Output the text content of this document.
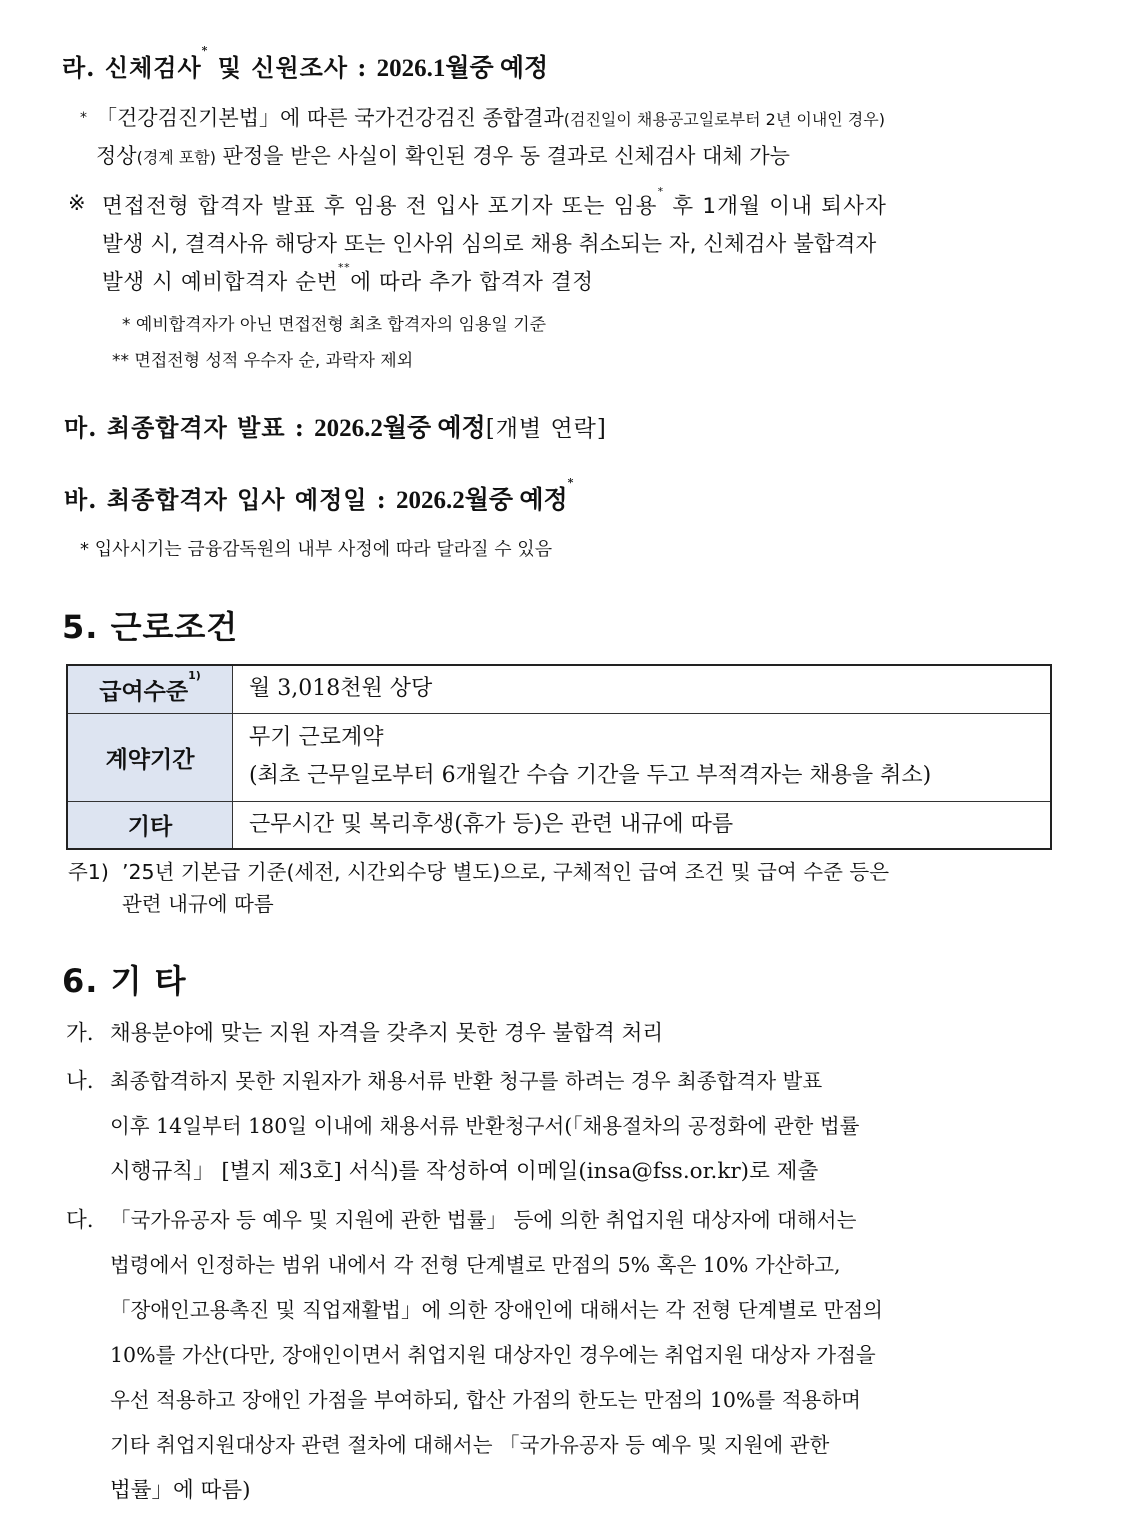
라. 신체검사* 및 신원조사 : 2026.1월중 예정
* 「건강검진기본법」에 따른 국가건강검진 종합결과(검진일이 채용공고일로부터 2년 이내인 경우)
정상(경계 포함) 판정을 받은 사실이 확인된 경우 동 결과로 신체검사 대체 가능
※ 면접전형 합격자 발표 후 임용 전 입사 포기자 또는 임용* 후 1개월 이내 퇴사자
발생 시, 결격사유 해당자 또는 인사위 심의로 채용 취소되는 자, 신체검사 불합격자
발생 시 예비합격자 순번**에 따라 추가 합격자 결정
* 예비합격자가 아닌 면접전형 최초 합격자의 임용일 기준
** 면접전형 성적 우수자 순, 과락자 제외
마. 최종합격자 발표 : 2026.2월중 예정[개별 연락]
바. 최종합격자 입사 예정일 : 2026.2월중 예정*
* 입사시기는 금융감독원의 내부 사정에 따라 달라질 수 있음
5. 근로조건
급여수준$^{1)}$	월 3,018천원 상당

계약기간	무기 근로계약
(최초 근무일로부터 6개월간 수습 기간을 두고 부적격자는 채용을 취소)

기타	근무시간 및 복리후생(휴가 등)은 관련 내규에 따름
주1) ’25년 기본급 기준(세전, 시간외수당 별도)으로, 구체적인 급여 조건 및 급여 수준 등은
관련 내규에 따름
6. 기 타
가. 채용분야에 맞는 지원 자격을 갖추지 못한 경우 불합격 처리
나. 최종합격하지 못한 지원자가 채용서류 반환 청구를 하려는 경우 최종합격자 발표
이후 14일부터 180일 이내에 채용서류 반환청구서(「채용절차의 공정화에 관한 법률
시행규칙」 [별지 제3호] 서식)를 작성하여 이메일(insa@fss.or.kr)로 제출
다. 「국가유공자 등 예우 및 지원에 관한 법률」 등에 의한 취업지원 대상자에 대해서는
법령에서 인정하는 범위 내에서 각 전형 단계별로 만점의 5% 혹은 10% 가산하고,
「장애인고용촉진 및 직업재활법」에 의한 장애인에 대해서는 각 전형 단계별로 만점의
10%를 가산(다만, 장애인이면서 취업지원 대상자인 경우에는 취업지원 대상자 가점을
우선 적용하고 장애인 가점을 부여하되, 합산 가점의 한도는 만점의 10%를 적용하며
기타 취업지원대상자 관련 절차에 대해서는 「국가유공자 등 예우 및 지원에 관한
법률」에 따름)
